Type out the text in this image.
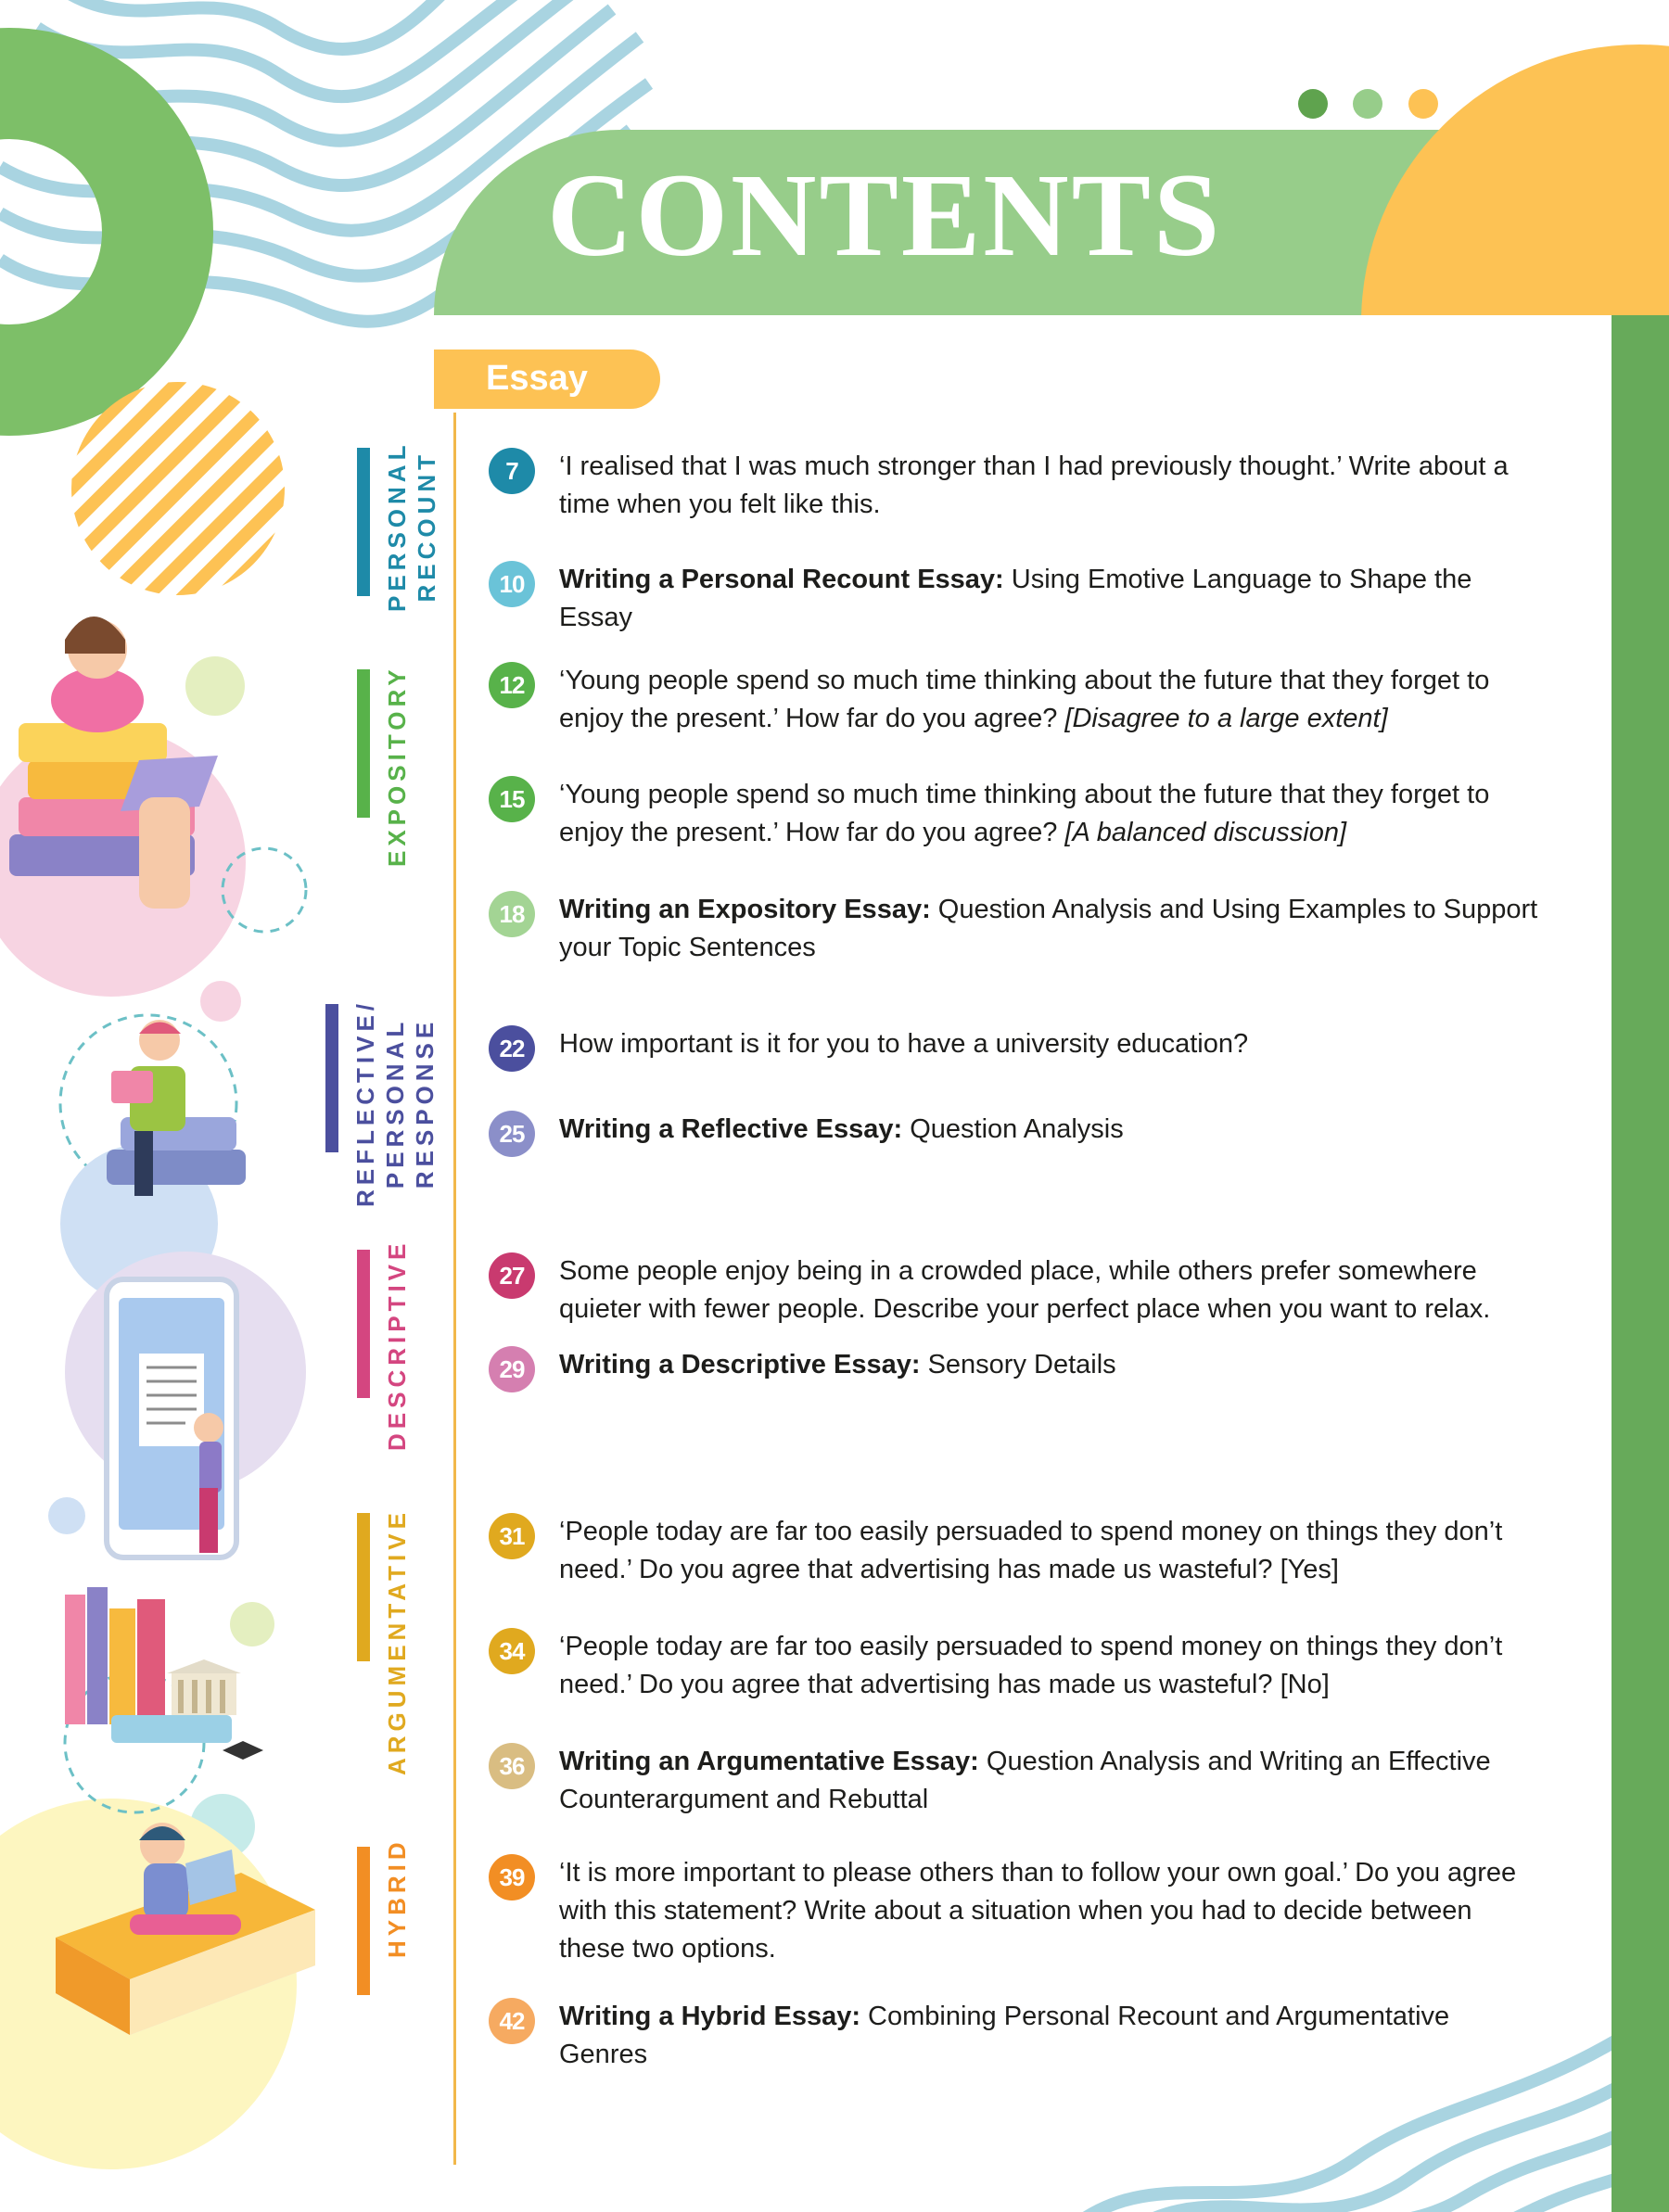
CONTENTS
Essay
PERSONAL RECOUNT
EXPOSITORY
REFLECTIVE/ PERSONAL RESPONSE
DESCRIPTIVE
ARGUMENTATIVE
HYBRID
7	‘I realised that I was much stronger than I had previously thought.’ Write about a time when you felt like this.
10	Writing a Personal Recount Essay: Using Emotive Language to Shape the Essay
12	‘Young people spend so much time thinking about the future that they forget to enjoy the present.’ How far do you agree? [Disagree to a large extent]
15	‘Young people spend so much time thinking about the future that they forget to enjoy the present.’ How far do you agree? [A balanced discussion]
18	Writing an Expository Essay: Question Analysis and Using Examples to Support your Topic Sentences
22	How important is it for you to have a university education?
25	Writing a Reflective Essay: Question Analysis
27	Some people enjoy being in a crowded place, while others prefer somewhere quieter with fewer people. Describe your perfect place when you want to relax.
29	Writing a Descriptive Essay: Sensory Details
31	‘People today are far too easily persuaded to spend money on things they don’t need.’ Do you agree that advertising has made us wasteful? [Yes]
34	‘People today are far too easily persuaded to spend money on things they don’t need.’ Do you agree that advertising has made us wasteful? [No]
36	Writing an Argumentative Essay: Question Analysis and Writing an Effective Counterargument and Rebuttal
39	‘It is more important to please others than to follow your own goal.’ Do you agree with this statement? Write about a situation when you had to decide between these two options.
42	Writing a Hybrid Essay: Combining Personal Recount and Argumentative Genres
